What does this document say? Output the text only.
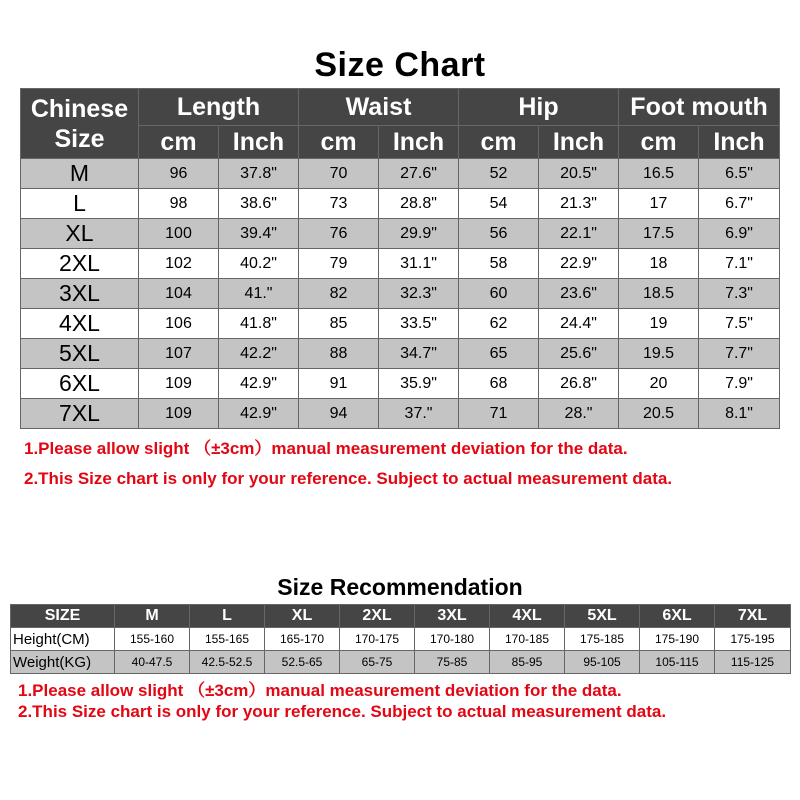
Size Chart
Chinese
Size	Length		Waist		Hip		Foot mouth	
	cm	Inch	cm	Inch	cm	Inch	cm	Inch
M	96	37.8"	70	27.6"	52	20.5"	16.5	6.5"
L	98	38.6"	73	28.8"	54	21.3"	17	6.7"
XL	100	39.4"	76	29.9"	56	22.1"	17.5	6.9"
2XL	102	40.2"	79	31.1"	58	22.9"	18	7.1"
3XL	104	41."	82	32.3"	60	23.6"	18.5	7.3"
4XL	106	41.8"	85	33.5"	62	24.4"	19	7.5"
5XL	107	42.2"	88	34.7"	65	25.6"	19.5	7.7"
6XL	109	42.9"	91	35.9"	68	26.8"	20	7.9"
7XL	109	42.9"	94	37."	71	28."	20.5	8.1"
1.Please allow slight （±3cm）manual measurement deviation for the data.
2.This Size chart is only for your reference. Subject to actual measurement data.
Size Recommendation
SIZE	M	L	XL	2XL	3XL	4XL	5XL	6XL	7XL
Height(CM)	155-160	155-165	165-170	170-175	170-180	170-185	175-185	175-190	175-195
Weight(KG)	40-47.5	42.5-52.5	52.5-65	65-75	75-85	85-95	95-105	105-115	115-125
1.Please allow slight （±3cm）manual measurement deviation for the data.
2.This Size chart is only for your reference. Subject to actual measurement data.
